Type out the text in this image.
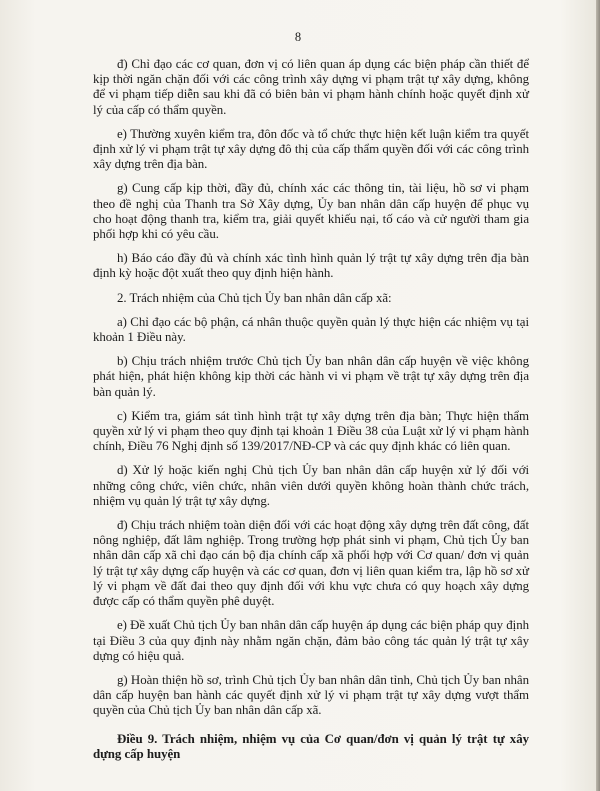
8

đ) Chỉ đạo các cơ quan, đơn vị có liên quan áp dụng các biện pháp cần thiết để kịp thời ngăn chặn đối với các công trình xây dựng vi phạm trật tự xây dựng, không để vi phạm tiếp diễn sau khi đã có biên bản vi phạm hành chính hoặc quyết định xử lý của cấp có thẩm quyền.

e) Thường xuyên kiểm tra, đôn đốc và tổ chức thực hiện kết luận kiểm tra quyết định xử lý vi phạm trật tự xây dựng đô thị của cấp thẩm quyền đối với các công trình xây dựng trên địa bàn.

g) Cung cấp kịp thời, đầy đủ, chính xác các thông tin, tài liệu, hồ sơ vi phạm theo đề nghị của Thanh tra Sở Xây dựng, Ủy ban nhân dân cấp huyện để phục vụ cho hoạt động thanh tra, kiểm tra, giải quyết khiếu nại, tố cáo và cử người tham gia phối hợp khi có yêu cầu.

h) Báo cáo đầy đủ và chính xác tình hình quản lý trật tự xây dựng trên địa bàn định kỳ hoặc đột xuất theo quy định hiện hành.

2. Trách nhiệm của Chủ tịch Ủy ban nhân dân cấp xã:

a) Chỉ đạo các bộ phận, cá nhân thuộc quyền quản lý thực hiện các nhiệm vụ tại khoản 1 Điều này.

b) Chịu trách nhiệm trước Chủ tịch Ủy ban nhân dân cấp huyện về việc không phát hiện, phát hiện không kịp thời các hành vi vi phạm về trật tự xây dựng trên địa bàn quản lý.

c) Kiểm tra, giám sát tình hình trật tự xây dựng trên địa bàn; Thực hiện thẩm quyền xử lý vi phạm theo quy định tại khoản 1 Điều 38 của Luật xử lý vi phạm hành chính, Điều 76 Nghị định số 139/2017/NĐ-CP và các quy định khác có liên quan.

d) Xử lý hoặc kiến nghị Chủ tịch Ủy ban nhân dân cấp huyện xử lý đối với những công chức, viên chức, nhân viên dưới quyền không hoàn thành chức trách, nhiệm vụ quản lý trật tự xây dựng.

đ) Chịu trách nhiệm toàn diện đối với các hoạt động xây dựng trên đất công, đất nông nghiệp, đất lâm nghiệp. Trong trường hợp phát sinh vi phạm, Chủ tịch Ủy ban nhân dân cấp xã chỉ đạo cán bộ địa chính cấp xã phối hợp với Cơ quan/ đơn vị quản lý trật tự xây dựng cấp huyện và các cơ quan, đơn vị liên quan kiểm tra, lập hồ sơ xử lý vi phạm về đất đai theo quy định đối với khu vực chưa có quy hoạch xây dựng được cấp có thẩm quyền phê duyệt.

e) Đề xuất Chủ tịch Ủy ban nhân dân cấp huyện áp dụng các biện pháp quy định tại Điều 3 của quy định này nhằm ngăn chặn, đảm bảo công tác quản lý trật tự xây dựng có hiệu quả.

g) Hoàn thiện hồ sơ, trình Chủ tịch Ủy ban nhân dân tỉnh, Chủ tịch Ủy ban nhân dân cấp huyện ban hành các quyết định xử lý vi phạm trật tự xây dựng vượt thẩm quyền của Chủ tịch Ủy ban nhân dân cấp xã.

Điều 9. Trách nhiệm, nhiệm vụ của Cơ quan/đơn vị quản lý trật tự xây dựng cấp huyện
